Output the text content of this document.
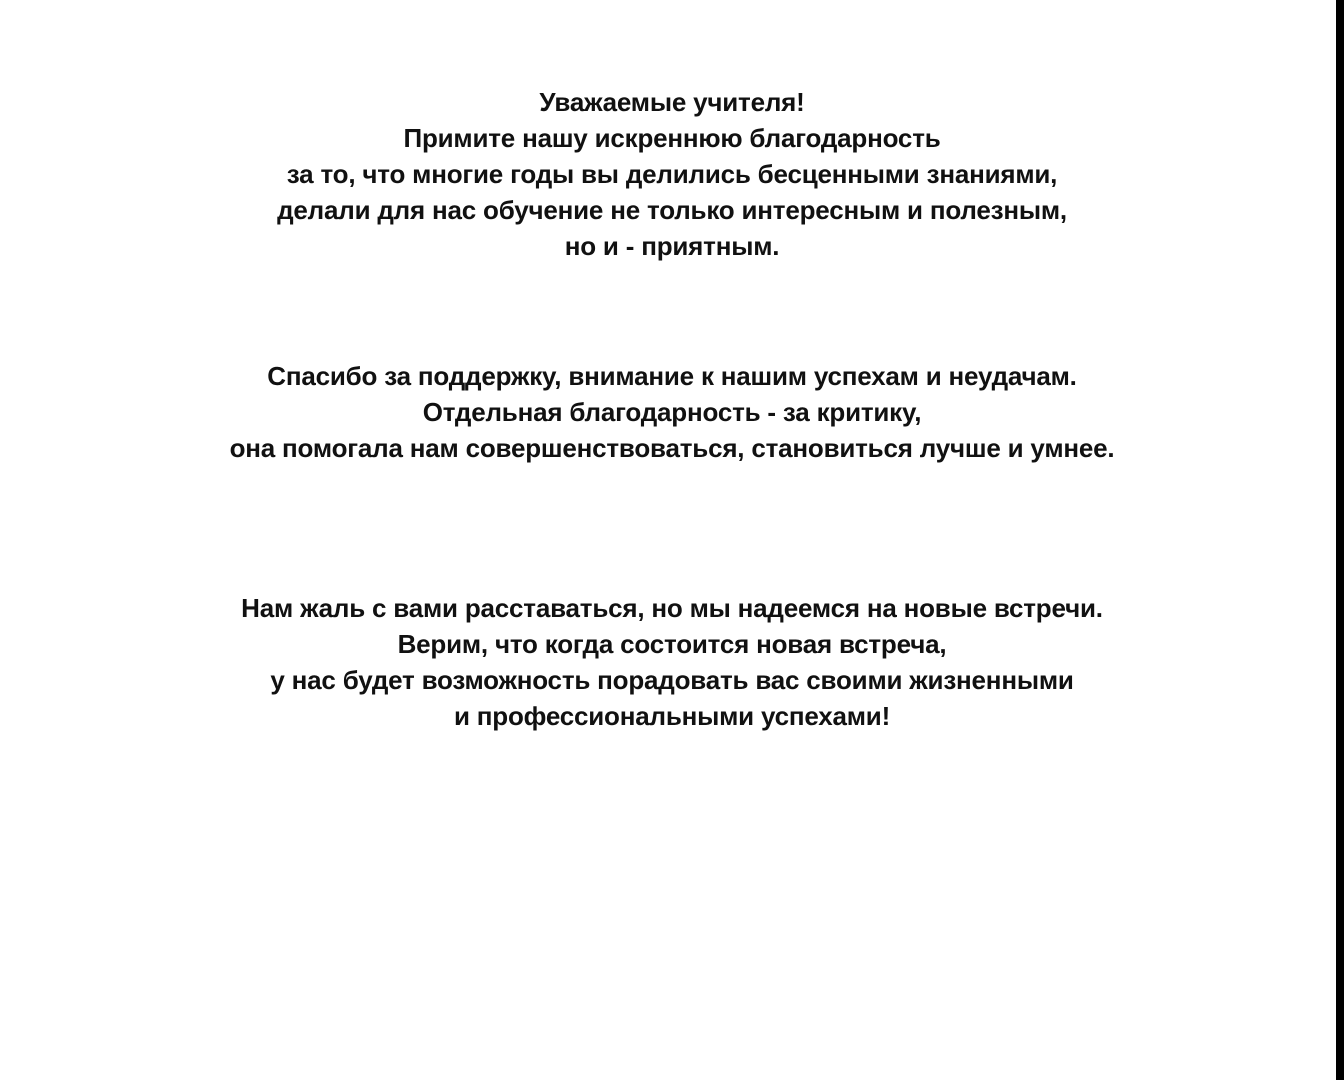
Уважаемые учителя!
Примите нашу искреннюю благодарность
за то, что многие годы вы делились бесценными знаниями,
делали для нас обучение не только интересным и полезным,
но и - приятным.
Спасибо за поддержку, внимание к нашим успехам и неудачам.
Отдельная благодарность - за критику,
она помогала нам совершенствоваться, становиться лучше и умнее.
Нам жаль с вами расставаться, но мы надеемся на новые встречи.
Верим, что когда состоится новая встреча,
у нас будет возможность порадовать вас своими жизненными
и профессиональными успехами!
